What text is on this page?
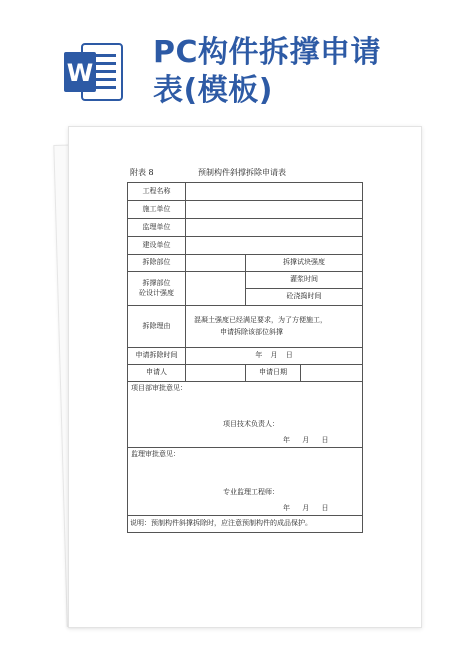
W
PC构件拆撑申请
表(模板)
附表 8	预制构件斜撑拆除申请表
工程名称			
施工单位			
监理单位			
建设单位			
拆除部位		拆撑试块强度	

拆撑部位
砼设计强度		灌浆时间	
		砼浇捣时间	
拆除理由	混凝土强度已经满足要求，为了方便施工，
申请拆除该部位斜撑		

申请拆除时间	年 月 日		
申请人		申请日期	

项目部审批意见：
项目技术负责人：
年 月 日			

监理审批意见：
专业监理工程师：
年 月 日			

说明：预制构件斜撑拆除时，应注意预制构件的成品保护。			
